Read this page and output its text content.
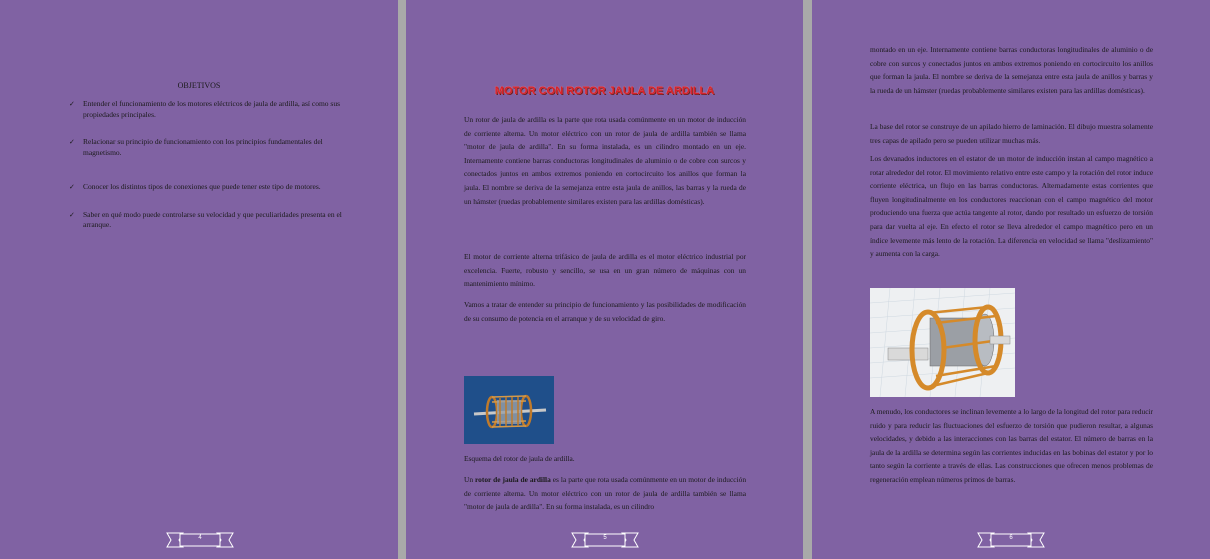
OBJETIVOS
✓ Entender el funcionamiento de los motores eléctricos de jaula de ardilla, así como sus propiedades principales.
✓ Relacionar su principio de funcionamiento con los principios fundamentales del magnetismo.
✓ Conocer los distintos tipos de conexiones que puede tener este tipo de motores.
✓ Saber en qué modo puede controlarse su velocidad y que peculiaridades presenta en el arranque.
4
MOTOR CON ROTOR JAULA DE ARDILLA

Un rotor de jaula de ardilla es la parte que rota usada comúnmente en un motor de inducción de corriente alterna. Un motor eléctrico con un rotor de jaula de ardilla también se llama "motor de jaula de ardilla". En su forma instalada, es un cilindro montado en un eje. Internamente contiene barras conductoras longitudinales de aluminio o de cobre con surcos y conectados juntos en ambos extremos poniendo en cortocircuito los anillos que forman la jaula. El nombre se deriva de la semejanza entre esta jaula de anillos, las barras y la rueda de un hámster (ruedas probablemente similares existen para las ardillas domésticas).

El motor de corriente alterna trifásico de jaula de ardilla es el motor eléctrico industrial por excelencia. Fuerte, robusto y sencillo, se usa en un gran número de máquinas con un mantenimiento mínimo.

Vamos a tratar de entender su principio de funcionamiento y las posibilidades de modificación de su consumo de potencia en el arranque y de su velocidad de giro.

Esquema del rotor de jaula de ardilla.

Un rotor de jaula de ardilla es la parte que rota usada comúnmente en un motor de inducción de corriente alterna. Un motor eléctrico con un rotor de jaula de ardilla también se llama "motor de jaula de ardilla". En su forma instalada, es un cilindro

5

montado en un eje. Internamente contiene barras conductoras longitudinales de aluminio o de cobre con surcos y conectados juntos en ambos extremos poniendo en cortocircuito los anillos que forman la jaula. El nombre se deriva de la semejanza entre esta jaula de anillos y barras y la rueda de un hámster (ruedas probablemente similares existen para las ardillas domésticas).

La base del rotor se construye de un apilado hierro de laminación. El dibujo muestra solamente tres capas de apilado pero se pueden utilizar muchas más.

Los devanados inductores en el estator de un motor de inducción instan al campo magnético a rotar alrededor del rotor. El movimiento relativo entre este campo y la rotación del rotor induce corriente eléctrica, un flujo en las barras conductoras. Alternadamente estas corrientes que fluyen longitudinalmente en los conductores reaccionan con el campo magnético del motor produciendo una fuerza que actúa tangente al rotor, dando por resultado un esfuerzo de torsión para dar vuelta al eje. En efecto el rotor se lleva alrededor el campo magnético pero en un índice levemente más lento de la rotación. La diferencia en velocidad se llama "deslizamiento" y aumenta con la carga.

A menudo, los conductores se inclinan levemente a lo largo de la longitud del rotor para reducir ruido y para reducir las fluctuaciones del esfuerzo de torsión que pudieron resultar, a algunas velocidades, y debido a las interacciones con las barras del estator. El número de barras en la jaula de la ardilla se determina según las corrientes inducidas en las bobinas del estator y por lo tanto según la corriente a través de ellas. Las construcciones que ofrecen menos problemas de regeneración emplean números primos de barras.

6
